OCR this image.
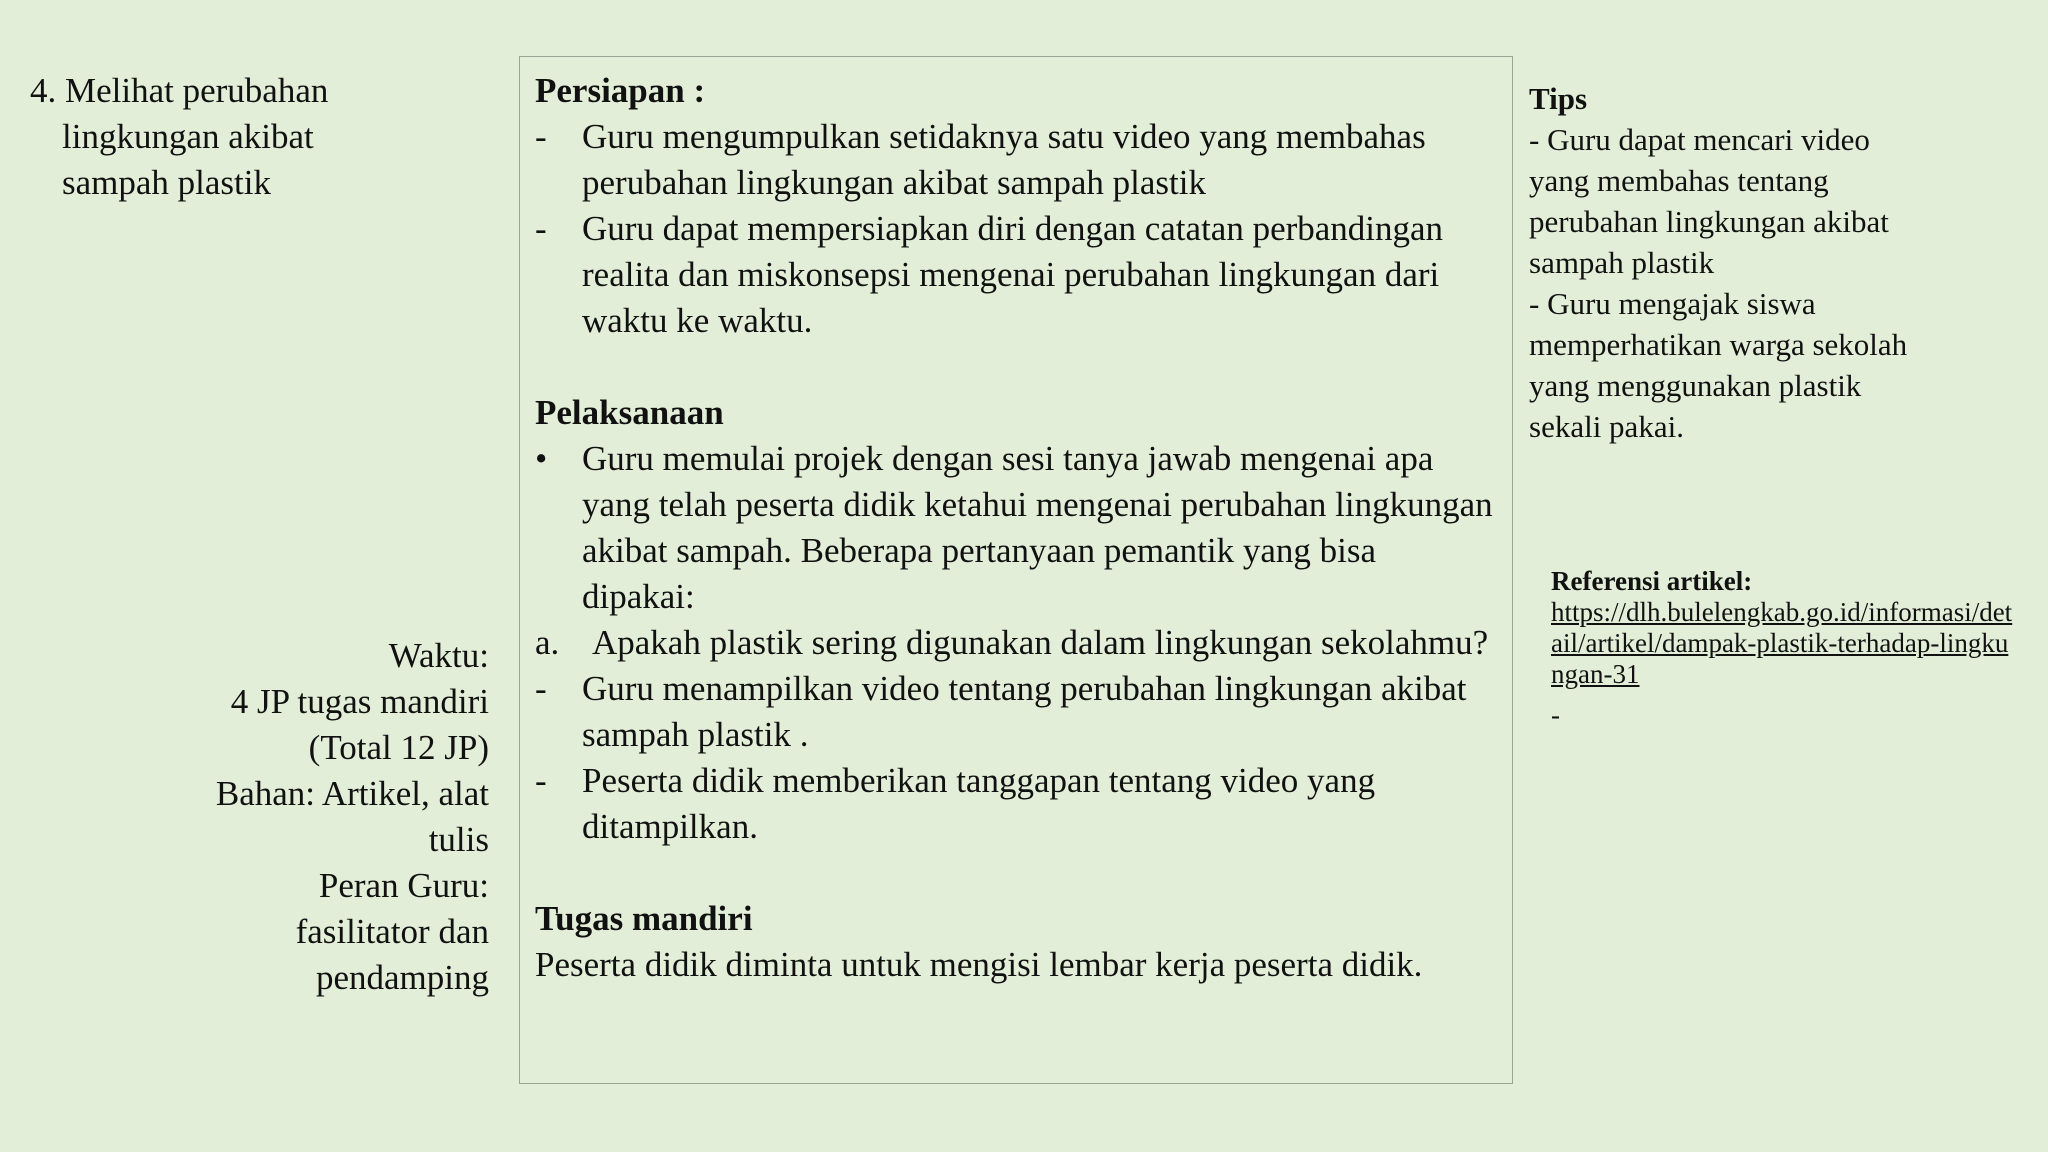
4. Melihat perubahan

lingkungan akibat
sampah plastik
Waktu:
4 JP tugas mandiri
(Total 12 JP)
Bahan: Artikel, alat
tulis
Peran Guru:
fasilitator dan
pendamping
Persiapan :
- Guru mengumpulkan setidaknya satu video yang membahas perubahan lingkungan akibat sampah plastik
- Guru dapat mempersiapkan diri dengan catatan perbandingan realita dan miskonsepsi mengenai perubahan lingkungan dari waktu ke waktu.
Pelaksanaan
• Guru memulai projek dengan sesi tanya jawab mengenai apa yang telah peserta didik ketahui mengenai perubahan lingkungan akibat sampah. Beberapa pertanyaan pemantik yang bisa dipakai:
a. Apakah plastik sering digunakan dalam lingkungan sekolahmu?
- Guru menampilkan video tentang perubahan lingkungan akibat sampah plastik .
- Peserta didik memberikan tanggapan tentang video yang ditampilkan.
Tugas mandiri
Peserta didik diminta untuk mengisi lembar kerja peserta didik.
Tips
- Guru dapat mencari video
yang membahas tentang
perubahan lingkungan akibat
sampah plastik
- Guru mengajak siswa
memperhatikan warga sekolah
yang menggunakan plastik
sekali pakai.
Referensi artikel:
https://dlh.bulelengkab.go.id/informasi/detail/artikel/dampak-plastik-terhadap-lingkungan-31
-
